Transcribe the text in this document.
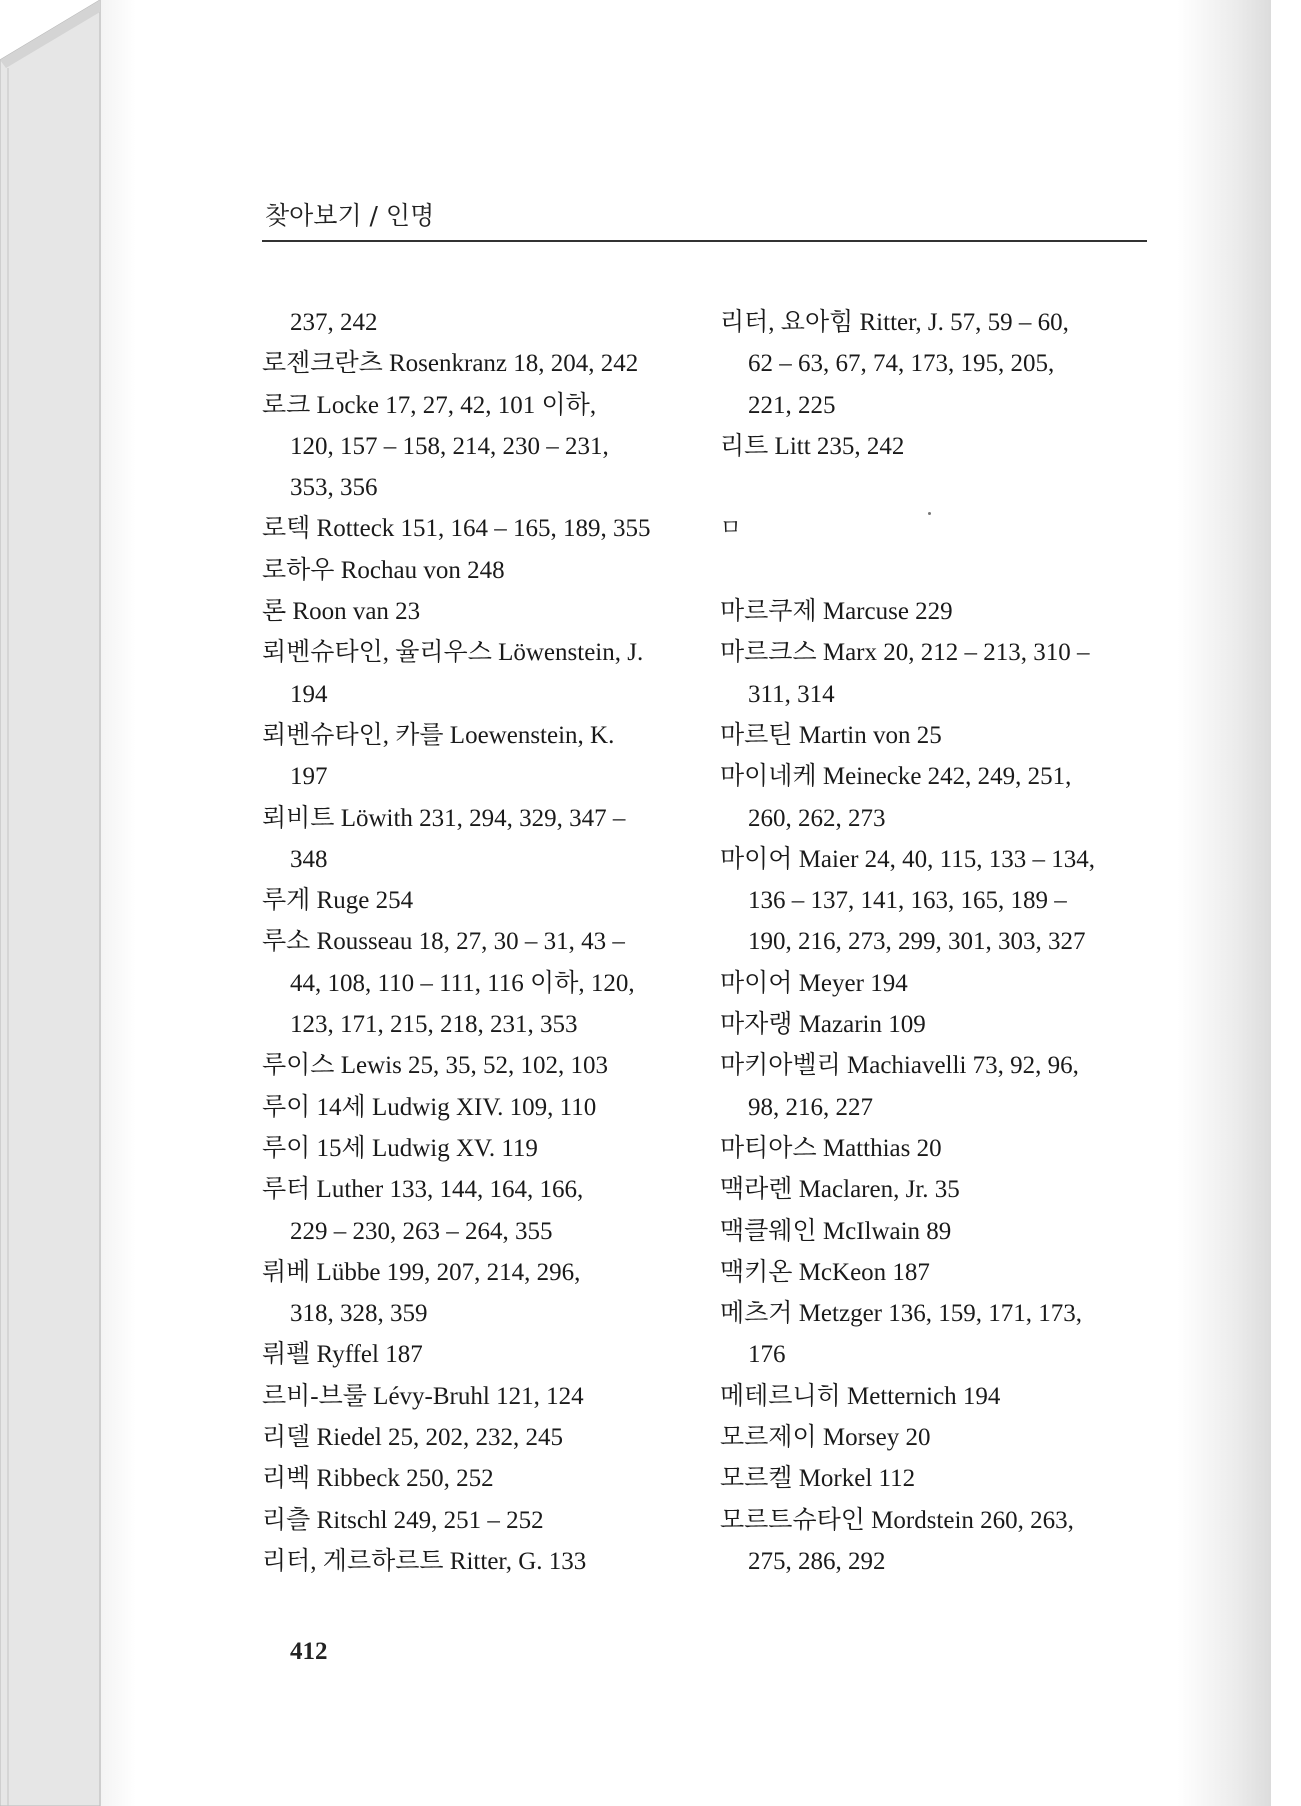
찾아보기 / 인명
237, 242
로젠크란츠 Rosenkranz 18, 204, 242
로크 Locke 17, 27, 42, 101 이하,
120, 157 – 158, 214, 230 – 231,
353, 356
로텍 Rotteck 151, 164 – 165, 189, 355
로하우 Rochau von 248
론 Roon van 23
뢰벤슈타인, 율리우스 Löwenstein, J.
194
뢰벤슈타인, 카를 Loewenstein, K.
197
뢰비트 Löwith 231, 294, 329, 347 –
348
루게 Ruge 254
루소 Rousseau 18, 27, 30 – 31, 43 –
44, 108, 110 – 111, 116 이하, 120,
123, 171, 215, 218, 231, 353
루이스 Lewis 25, 35, 52, 102, 103
루이 14세 Ludwig XIV. 109, 110
루이 15세 Ludwig XV. 119
루터 Luther 133, 144, 164, 166,
229 – 230, 263 – 264, 355
뤼베 Lübbe 199, 207, 214, 296,
318, 328, 359
뤼펠 Ryffel 187
르비-브룰 Lévy-Bruhl 121, 124
리델 Riedel 25, 202, 232, 245
리벡 Ribbeck 250, 252
리츨 Ritschl 249, 251 – 252
리터, 게르하르트 Ritter, G. 133
리터, 요아힘 Ritter, J. 57, 59 – 60,
62 – 63, 67, 74, 173, 195, 205,
221, 225
리트 Litt 235, 242
ㅁ
마르쿠제 Marcuse 229
마르크스 Marx 20, 212 – 213, 310 –
311, 314
마르틴 Martin von 25
마이네케 Meinecke 242, 249, 251,
260, 262, 273
마이어 Maier 24, 40, 115, 133 – 134,
136 – 137, 141, 163, 165, 189 –
190, 216, 273, 299, 301, 303, 327
마이어 Meyer 194
마자랭 Mazarin 109
마키아벨리 Machiavelli 73, 92, 96,
98, 216, 227
마티아스 Matthias 20
맥라렌 Maclaren, Jr. 35
맥클웨인 McIlwain 89
맥키온 McKeon 187
메츠거 Metzger 136, 159, 171, 173,
176
메테르니히 Metternich 194
모르제이 Morsey 20
모르켈 Morkel 112
모르트슈타인 Mordstein 260, 263,
275, 286, 292
412
